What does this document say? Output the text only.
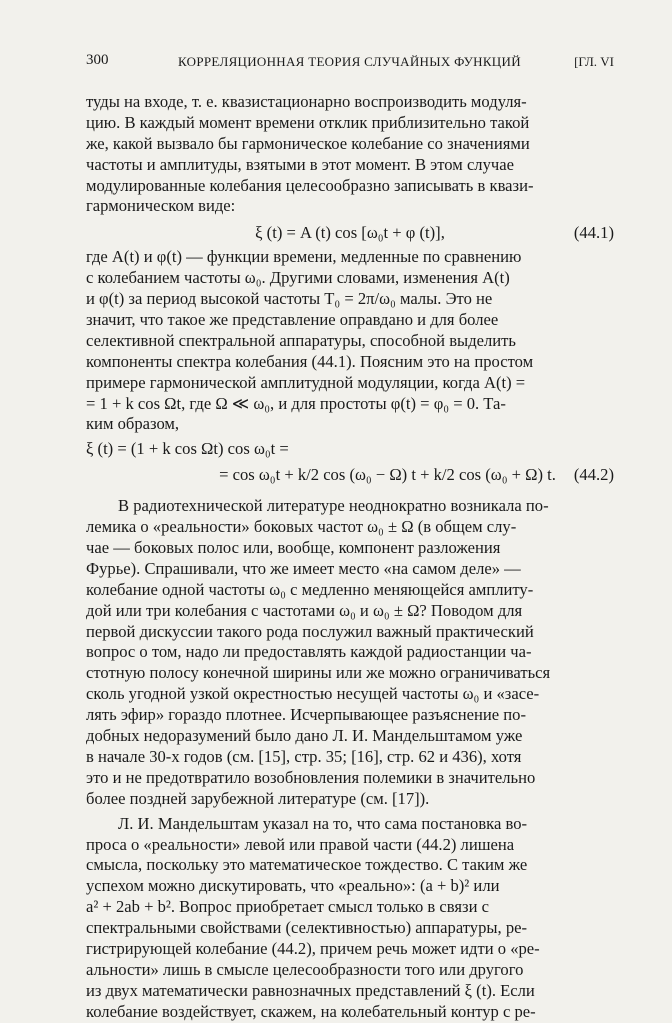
300	КОРРЕЛЯЦИОННАЯ ТЕОРИЯ СЛУЧАЙНЫХ ФУНКЦИЙ	[ГЛ. VI
туды на входе, т. е. квазистационарно воспроизводить модуля-
цию. В каждый момент времени отклик приблизительно такой
же, какой вызвало бы гармоническое колебание со значениями
частоты и амплитуды, взятыми в этот момент. В этом случае
модулированные колебания целесообразно записывать в квази-
гармоническом виде:
ξ (t) = A (t) cos [ω₀t + φ (t)],	(44.1)
где A(t) и φ(t) — функции времени, медленные по сравнению
с колебанием частоты ω₀. Другими словами, изменения A(t)
и φ(t) за период высокой частоты T₀ = 2π/ω₀ малы. Это не
значит, что такое же представление оправдано и для более
селективной спектральной аппаратуры, способной выделить
компоненты спектра колебания (44.1). Поясним это на простом
примере гармонической амплитудной модуляции, когда A(t) =
= 1 + k cos Ωt, где Ω ≪ ω₀, и для простоты φ(t) = φ₀ = 0. Та-
ким образом,
ξ (t) = (1 + k cos Ωt) cos ω₀t =
= cos ω₀t + k/2 cos (ω₀ − Ω) t + k/2 cos (ω₀ + Ω) t. (44.2)
В радиотехнической литературе неоднократно возникала по-
лемика о «реальности» боковых частот ω₀ ± Ω (в общем слу-
чае — боковых полос или, вообще, компонент разложения
Фурье). Спрашивали, что же имеет место «на самом деле» —
колебание одной частоты ω₀ с медленно меняющейся амплиту-
дой или три колебания с частотами ω₀ и ω₀ ± Ω? Поводом для
первой дискуссии такого рода послужил важный практический
вопрос о том, надо ли предоставлять каждой радиостанции ча-
стотную полосу конечной ширины или же можно ограничиваться
сколь угодной узкой окрестностью несущей частоты ω₀ и «засе-
лять эфир» гораздо плотнее. Исчерпывающее разъяснение по-
добных недоразумений было дано Л. И. Мандельштамом уже
в начале 30-х годов (см. [15], стр. 35; [16], стр. 62 и 436), хотя
это и не предотвратило возобновления полемики в значительно
более поздней зарубежной литературе (см. [17]).
Л. И. Мандельштам указал на то, что сама постановка во-
проса о «реальности» левой или правой части (44.2) лишена
смысла, поскольку это математическое тождество. С таким же
успехом можно дискутировать, что «реально»: (a + b)² или
a² + 2ab + b². Вопрос приобретает смысл только в связи с
спектральными свойствами (селективностью) аппаратуры, ре-
гистрирующей колебание (44.2), причем речь может идти о «ре-
альности» лишь в смысле целесообразности того или другого
из двух математически равнозначных представлений ξ (t). Если
колебание воздействует, скажем, на колебательный контур с ре-
